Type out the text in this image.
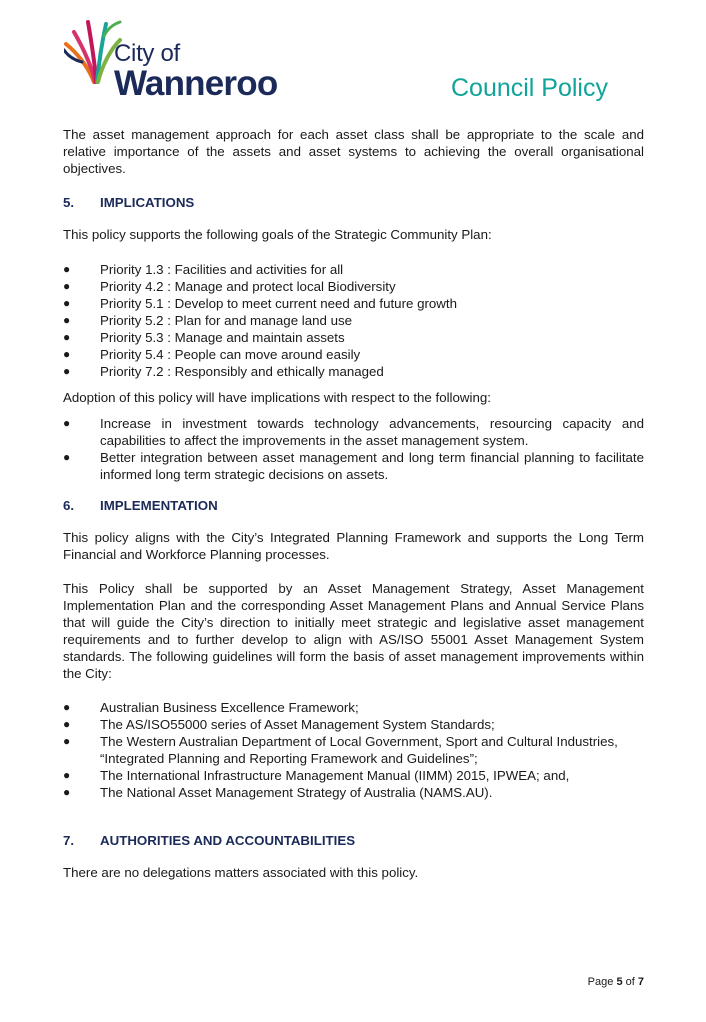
City of
Wanneroo	Council Policy

The asset management approach for each asset class shall be appropriate to the scale and relative importance of the assets and asset systems to achieving the overall organisational objectives.

5.	IMPLICATIONS

This policy supports the following goals of the Strategic Community Plan:

●	Priority 1.3 : Facilities and activities for all
●	Priority 4.2 : Manage and protect local Biodiversity
●	Priority 5.1 : Develop to meet current need and future growth
●	Priority 5.2 : Plan for and manage land use
●	Priority 5.3 : Manage and maintain assets
●	Priority 5.4 : People can move around easily
●	Priority 7.2 : Responsibly and ethically managed

Adoption of this policy will have implications with respect to the following:

●	Increase in investment towards technology advancements, resourcing capacity and capabilities to affect the improvements in the asset management system.
●	Better integration between asset management and long term financial planning to facilitate informed long term strategic decisions on assets.
6.	IMPLEMENTATION

This policy aligns with the City’s Integrated Planning Framework and supports the Long Term Financial and Workforce Planning processes.

This Policy shall be supported by an Asset Management Strategy, Asset Management Implementation Plan and the corresponding Asset Management Plans and Annual Service Plans that will guide the City’s direction to initially meet strategic and legislative asset management requirements and to further develop to align with AS/ISO 55001 Asset Management System standards. The following guidelines will form the basis of asset management improvements within the City:

●	Australian Business Excellence Framework;
●	The AS/ISO55000 series of Asset Management System Standards;
●	The Western Australian Department of Local Government, Sport and Cultural Industries, “Integrated Planning and Reporting Framework and Guidelines”;
●	The International Infrastructure Management Manual (IIMM) 2015, IPWEA; and,
●	The National Asset Management Strategy of Australia (NAMS.AU).
7.	AUTHORITIES AND ACCOUNTABILITIES

There are no delegations matters associated with this policy.

Page 5 of 7
